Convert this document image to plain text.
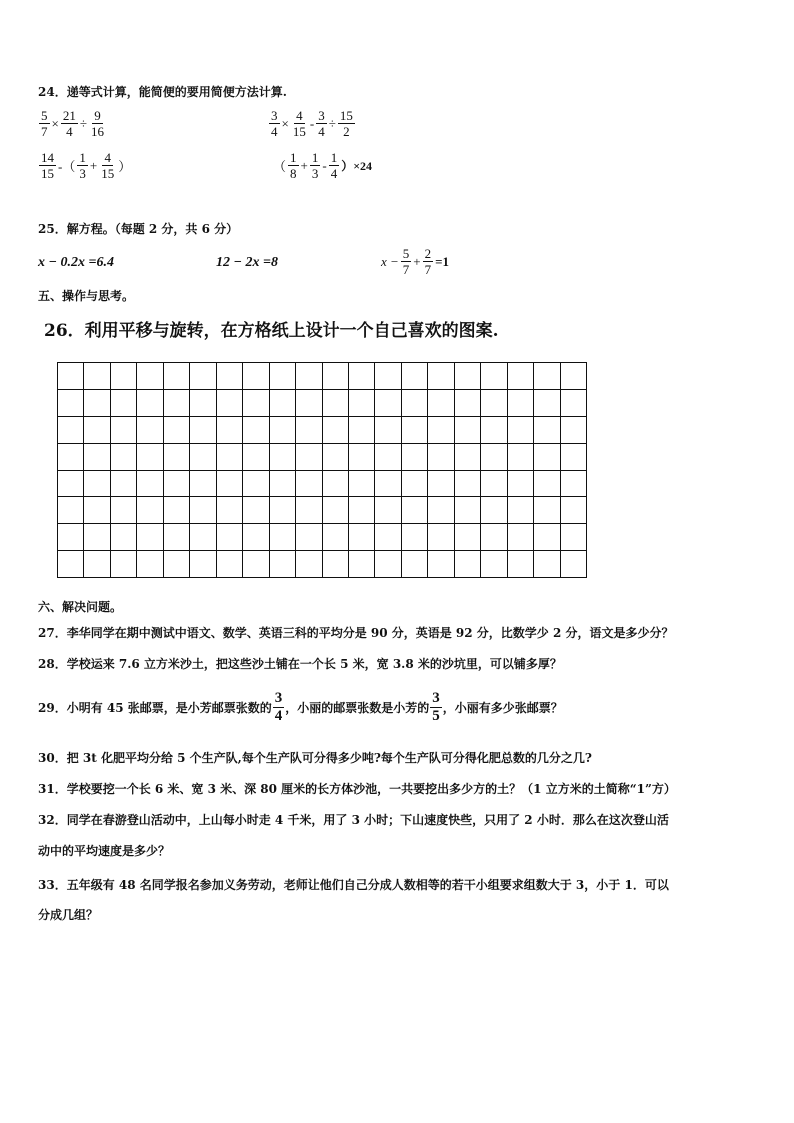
24．递等式计算，能简便的要用简便方法计算.
$\frac{5}{7} \times \frac{21}{4} \div \frac{9}{16}$	$\frac{3}{4} \times \frac{4}{15} - \frac{3}{4} \div \frac{15}{2}$
$\frac{14}{15}$ -（ $\frac{1}{3} + \frac{4}{15}$ ）	（ $\frac{1}{8} + \frac{1}{3} - \frac{1}{4} )\times 24$
25．解方程。（每题 2 分，共 6 分）
x − 0.2x =6.4	12 − 2x =8	$x - \frac{5}{7} + \frac{2}{7} =1$
五、操作与思考。
26．利用平移与旋转，在方格纸上设计一个自己喜欢的图案.
六、解决问题。
27．李华同学在期中测试中语文、数学、英语三科的平均分是 90 分，英语是 92 分，比数学少 2 分，语文是多少分？
28．学校运来 7.6 立方米沙土，把这些沙土铺在一个长 5 米，宽 3.8 米的沙坑里，可以铺多厚？
29．小明有 45 张邮票，是小芳邮票张数的 $\frac{3}{4}$ ，小丽的邮票张数是小芳的 $\frac{3}{5}$ ，小丽有多少张邮票？
30．把 3t 化肥平均分给 5 个生产队,每个生产队可分得多少吨?每个生产队可分得化肥总数的几分之几?
31．学校要挖一个长 6 米、宽 3 米、深 80 厘米的长方体沙池，一共要挖出多少方的土？（1 立方米的土简称“1”方）
32．同学在春游登山活动中，上山每小时走 4 千米，用了 3 小时；下山速度快些，只用了 2 小时．那么在这次登山活
动中的平均速度是多少？
33．五年级有 48 名同学报名参加义务劳动，老师让他们自己分成人数相等的若干小组要求组数大于 3，小于 1．可以
分成几组？
